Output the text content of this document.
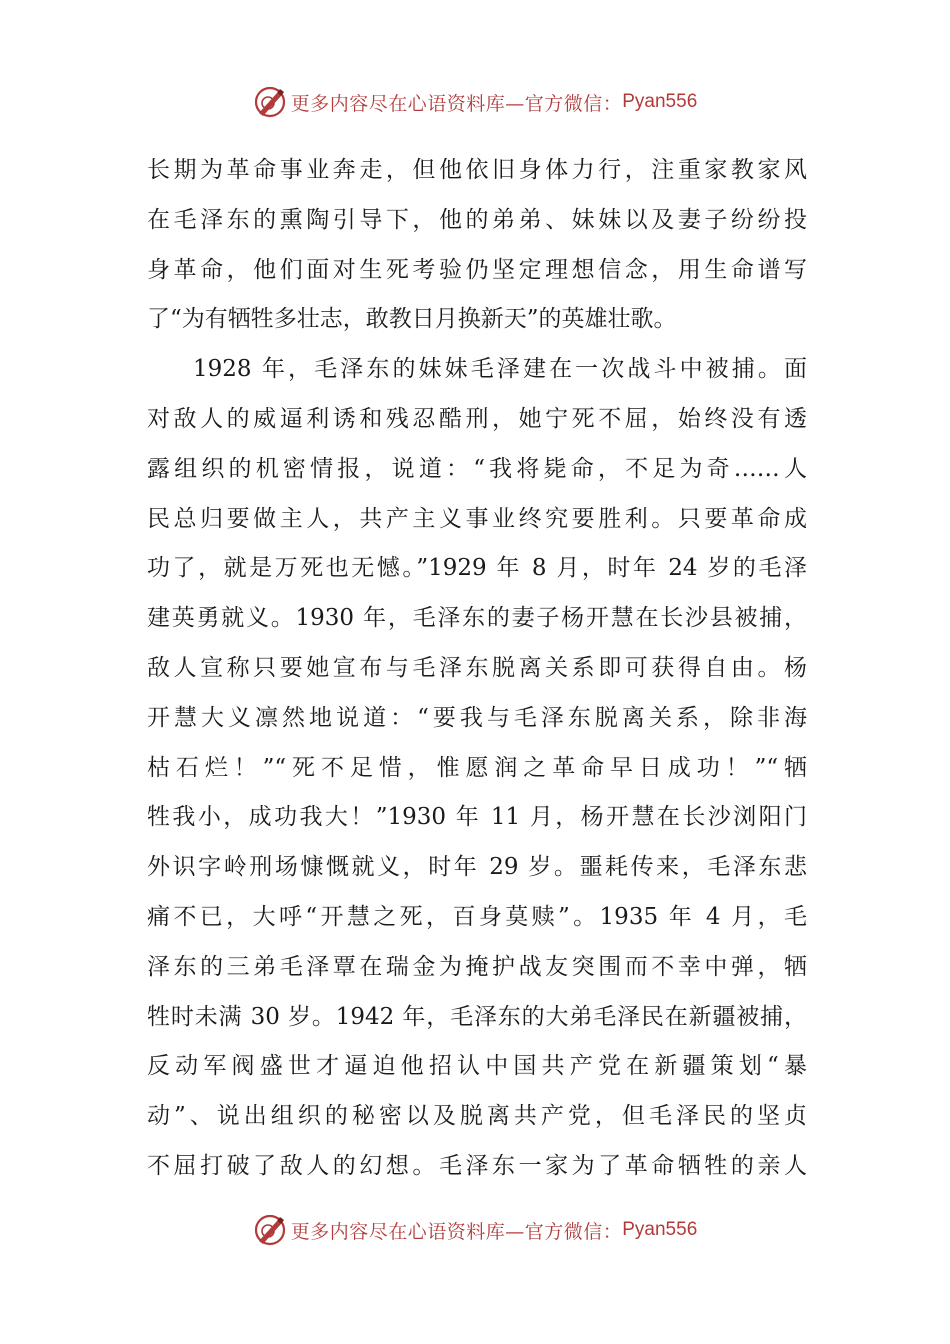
更多内容尽在心语资料库—官方微信： Pyan556
长期为革命事业奔走，但他依旧身体力行，注重家教家风
在毛泽东的熏陶引导下，他的弟弟、妹妹以及妻子纷纷投
身革命，他们面对生死考验仍坚定理想信念，用生命谱写
了“为有牺牲多壮志，敢教日月换新天”的英雄壮歌。
1928 年，毛泽东的妹妹毛泽建在一次战斗中被捕。面
对敌人的威逼利诱和残忍酷刑，她宁死不屈，始终没有透
露组织的机密情报，说道：“我将毙命，不足为奇……人
民总归要做主人，共产主义事业终究要胜利。只要革命成
功了，就是万死也无憾。”1929 年 8 月，时年 24 岁的毛泽
建英勇就义。1930 年，毛泽东的妻子杨开慧在长沙县被捕，
敌人宣称只要她宣布与毛泽东脱离关系即可获得自由。杨
开慧大义凛然地说道：“要我与毛泽东脱离关系，除非海
枯石烂！”“死不足惜，惟愿润之革命早日成功！”“牺
牲我小，成功我大！”1930 年 11 月，杨开慧在长沙浏阳门
外识字岭刑场慷慨就义，时年 29 岁。噩耗传来，毛泽东悲
痛不已，大呼“开慧之死，百身莫赎”。1935 年 4 月，毛
泽东的三弟毛泽覃在瑞金为掩护战友突围而不幸中弹，牺
牲时未满 30 岁。1942 年，毛泽东的大弟毛泽民在新疆被捕，
反动军阀盛世才逼迫他招认中国共产党在新疆策划“暴
动”、说出组织的秘密以及脱离共产党，但毛泽民的坚贞
不屈打破了敌人的幻想。毛泽东一家为了革命牺牲的亲人
更多内容尽在心语资料库—官方微信： Pyan556
